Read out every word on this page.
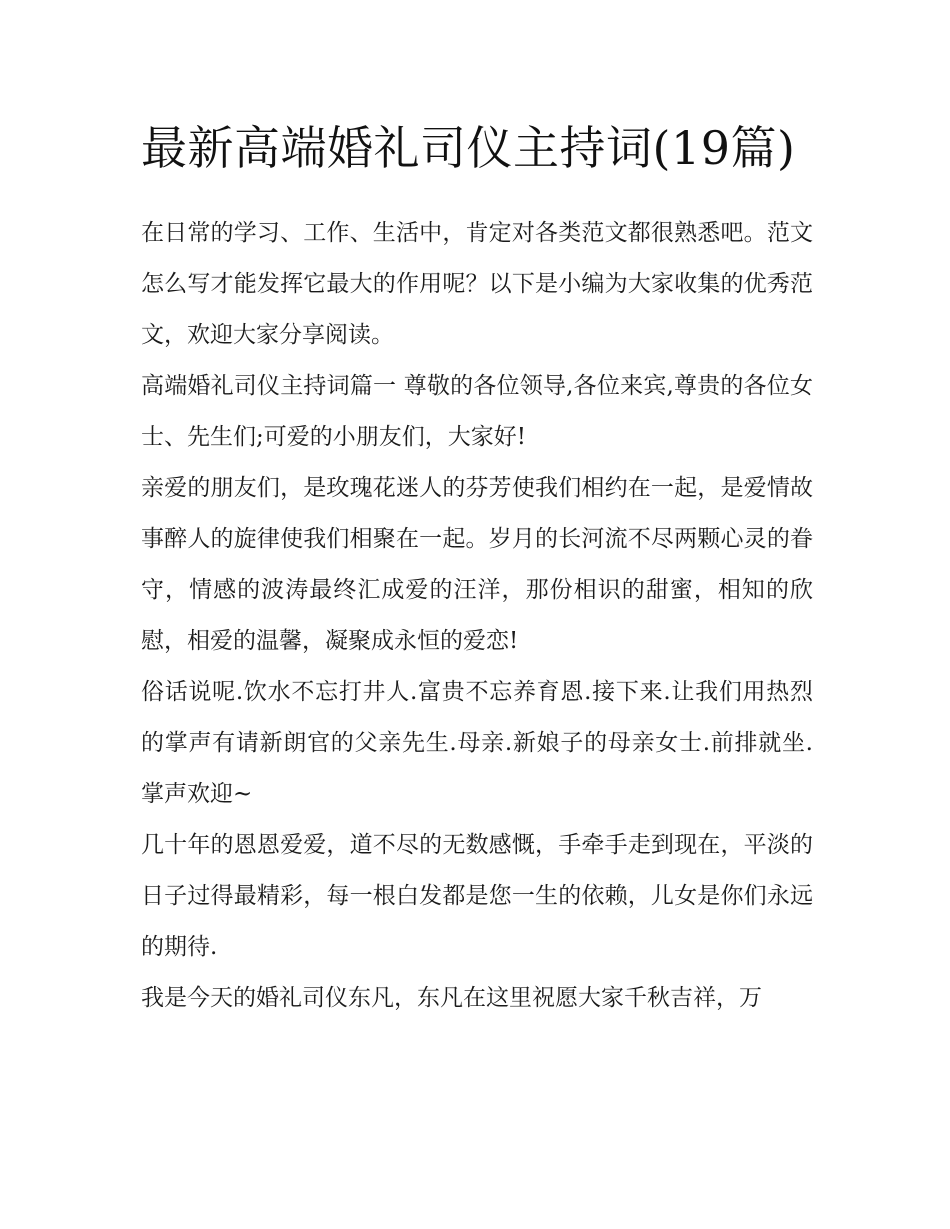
最新高端婚礼司仪主持词(19篇)

在日常的学习、工作、生活中，肯定对各类范文都很熟悉吧。范文怎么写才能发挥它最大的作用呢？以下是小编为大家收集的优秀范文，欢迎大家分享阅读。

高端婚礼司仪主持词篇一 尊敬的各位领导,各位来宾,尊贵的各位女士、先生们;可爱的小朋友们，大家好!

亲爱的朋友们，是玫瑰花迷人的芬芳使我们相约在一起，是爱情故事醉人的旋律使我们相聚在一起。岁月的长河流不尽两颗心灵的眷守，情感的波涛最终汇成爱的汪洋，那份相识的甜蜜，相知的欣慰，相爱的温馨，凝聚成永恒的爱恋!

俗话说呢.饮水不忘打井人.富贵不忘养育恩.接下来.让我们用热烈的掌声有请新朗官的父亲先生.母亲.新娘子的母亲女士.前排就坐.掌声欢迎~

几十年的恩恩爱爱，道不尽的无数感慨，手牵手走到现在，平淡的日子过得最精彩，每一根白发都是您一生的依赖，儿女是你们永远的期待.

我是今天的婚礼司仪东凡，东凡在这里祝愿大家千秋吉祥，万
